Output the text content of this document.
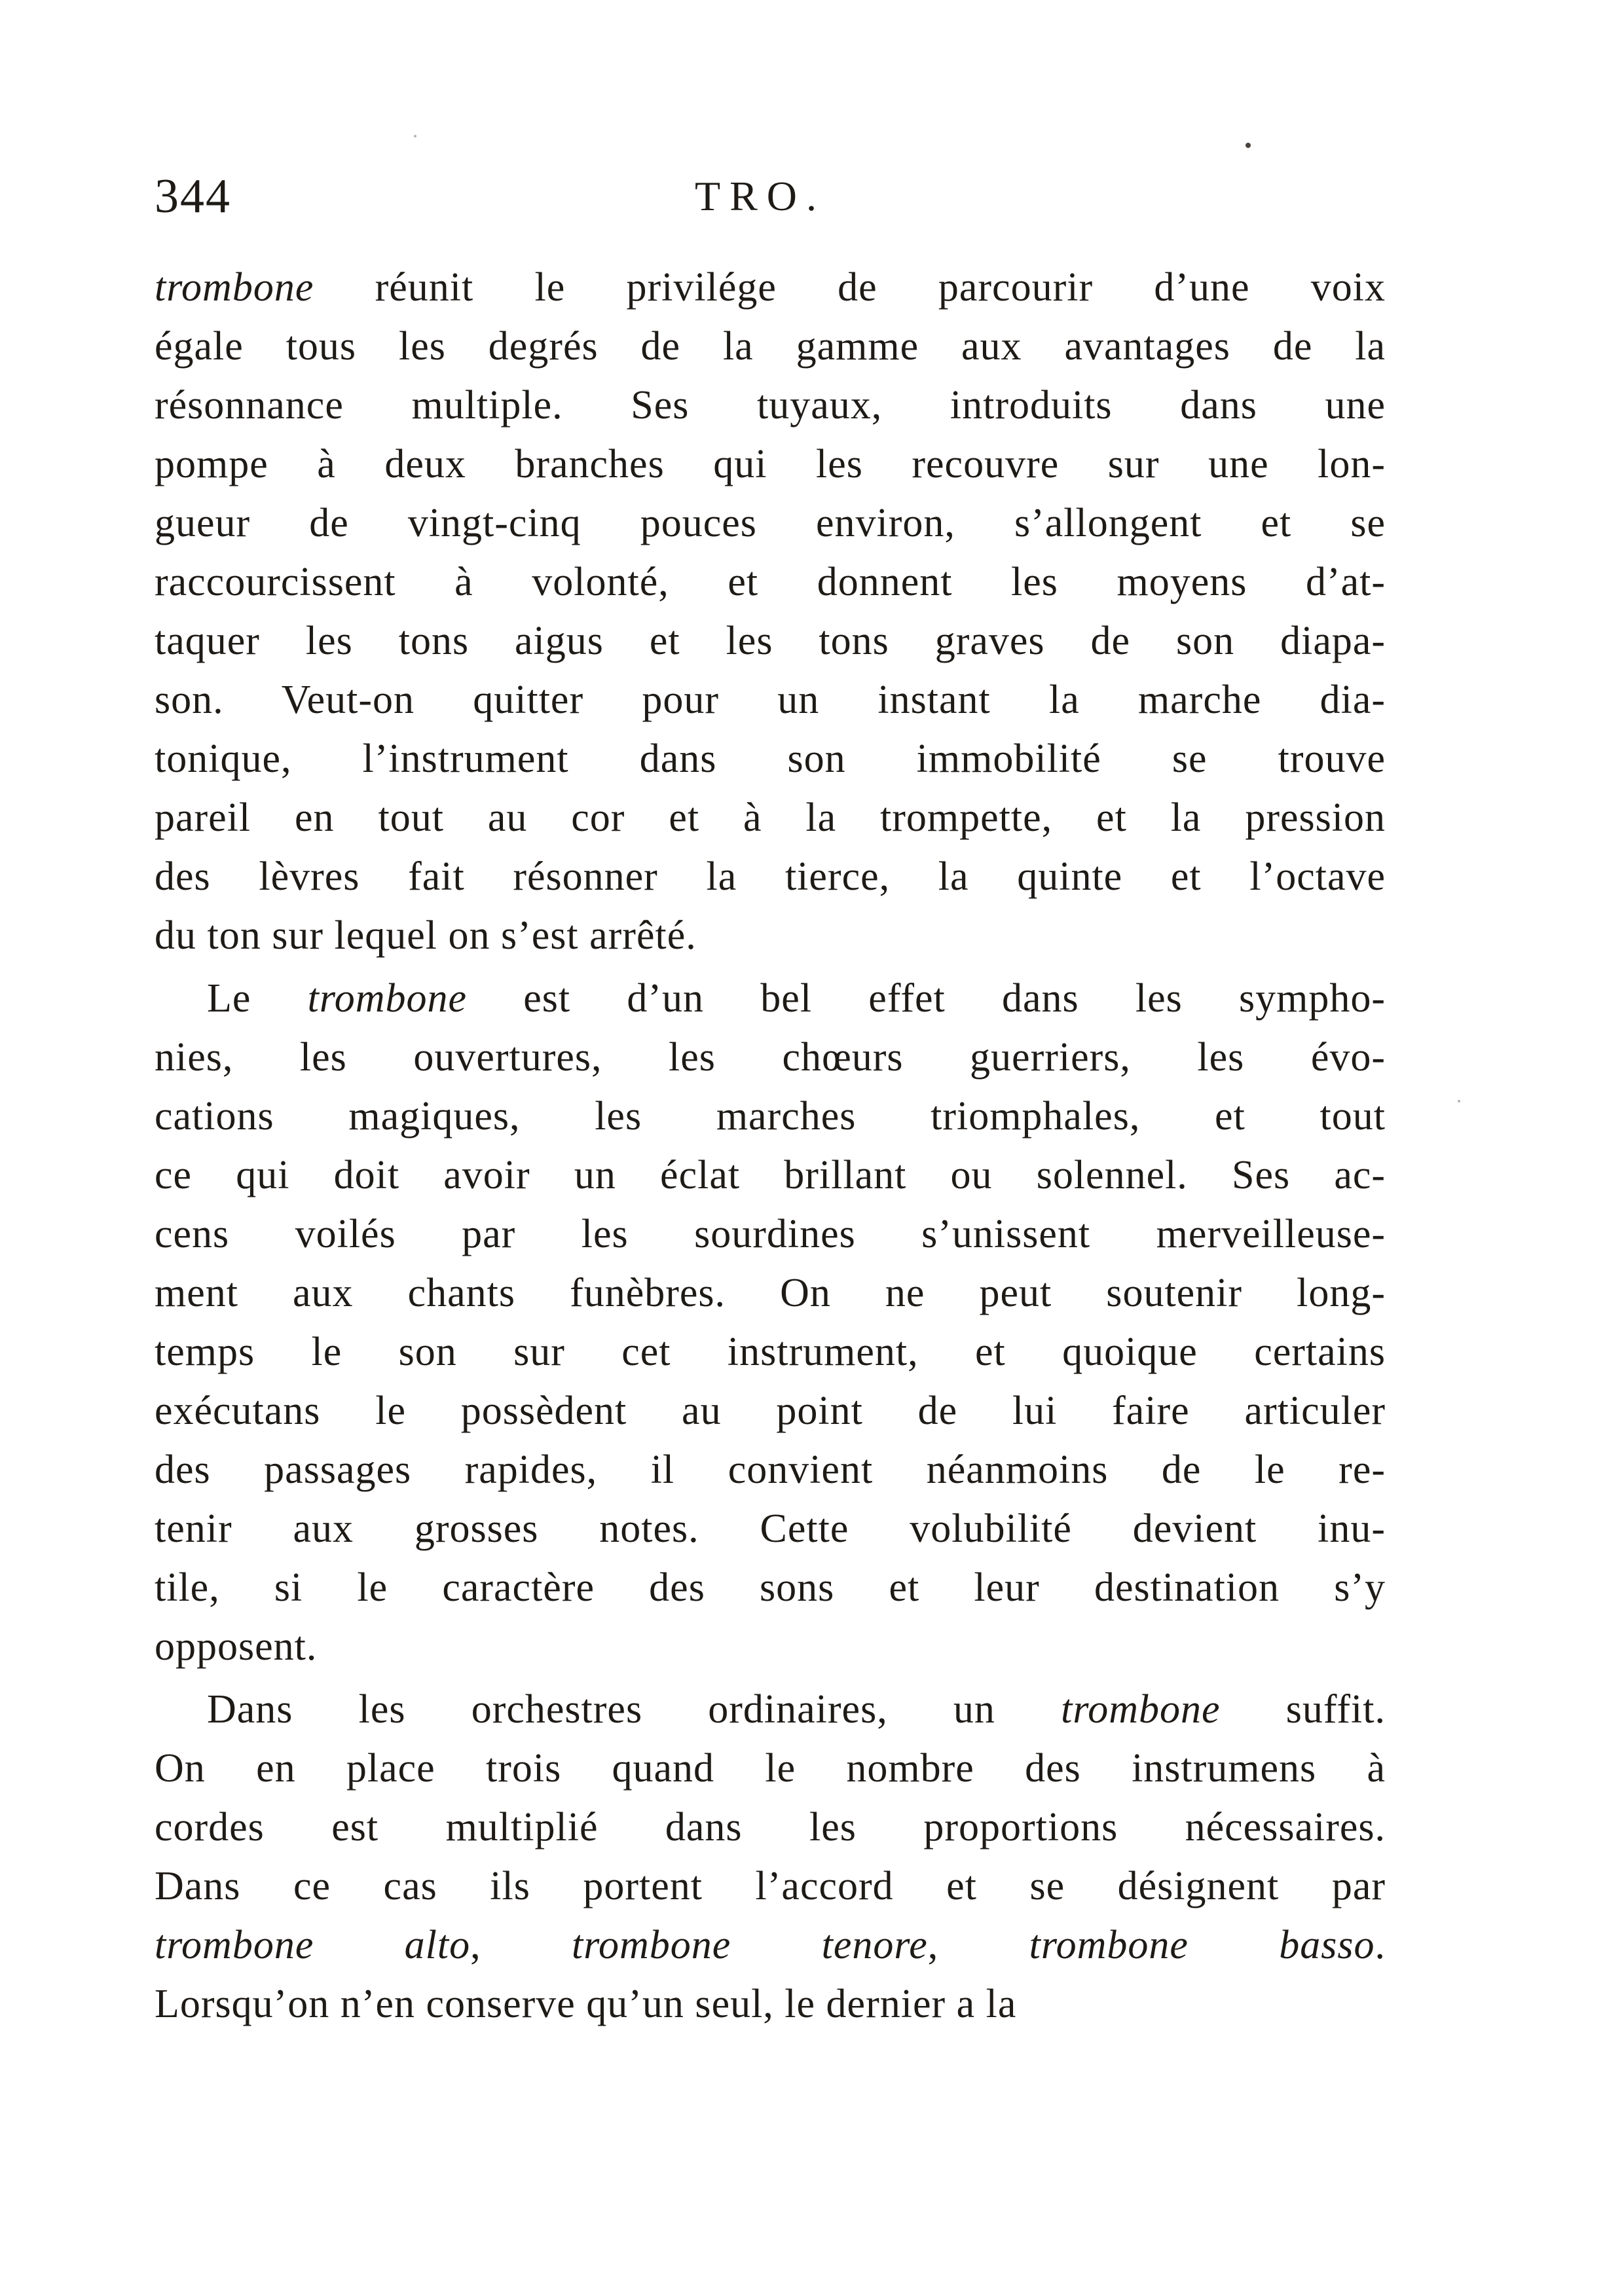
344	TRO.
trombone réunit le privilége de parcourir d’une voix
égale tous les degrés de la gamme aux avantages de la
résonnance multiple. Ses tuyaux, introduits dans une
pompe à deux branches qui les recouvre sur une lon-
gueur de vingt-cinq pouces environ, s’allongent et se
raccourcissent à volonté, et donnent les moyens d’at-
taquer les tons aigus et les tons graves de son diapa-
son. Veut-on quitter pour un instant la marche dia-
tonique, l’instrument dans son immobilité se trouve
pareil en tout au cor et à la trompette, et la pression
des lèvres fait résonner la tierce, la quinte et l’octave
du ton sur lequel on s’est arrêté.
Le trombone est d’un bel effet dans les sympho-
nies, les ouvertures, les chœurs guerriers, les évo-
cations magiques, les marches triomphales, et tout
ce qui doit avoir un éclat brillant ou solennel. Ses ac-
cens voilés par les sourdines s’unissent merveilleuse-
ment aux chants funèbres. On ne peut soutenir long-
temps le son sur cet instrument, et quoique certains
exécutans le possèdent au point de lui faire articuler
des passages rapides, il convient néanmoins de le re-
tenir aux grosses notes. Cette volubilité devient inu-
tile, si le caractère des sons et leur destination s’y
opposent.
Dans les orchestres ordinaires, un trombone suffit.
On en place trois quand le nombre des instrumens à
cordes est multiplié dans les proportions nécessaires.
Dans ce cas ils portent l’accord et se désignent par
trombone alto, trombone tenore, trombone basso.
Lorsqu’on n’en conserve qu’un seul, le dernier a la
